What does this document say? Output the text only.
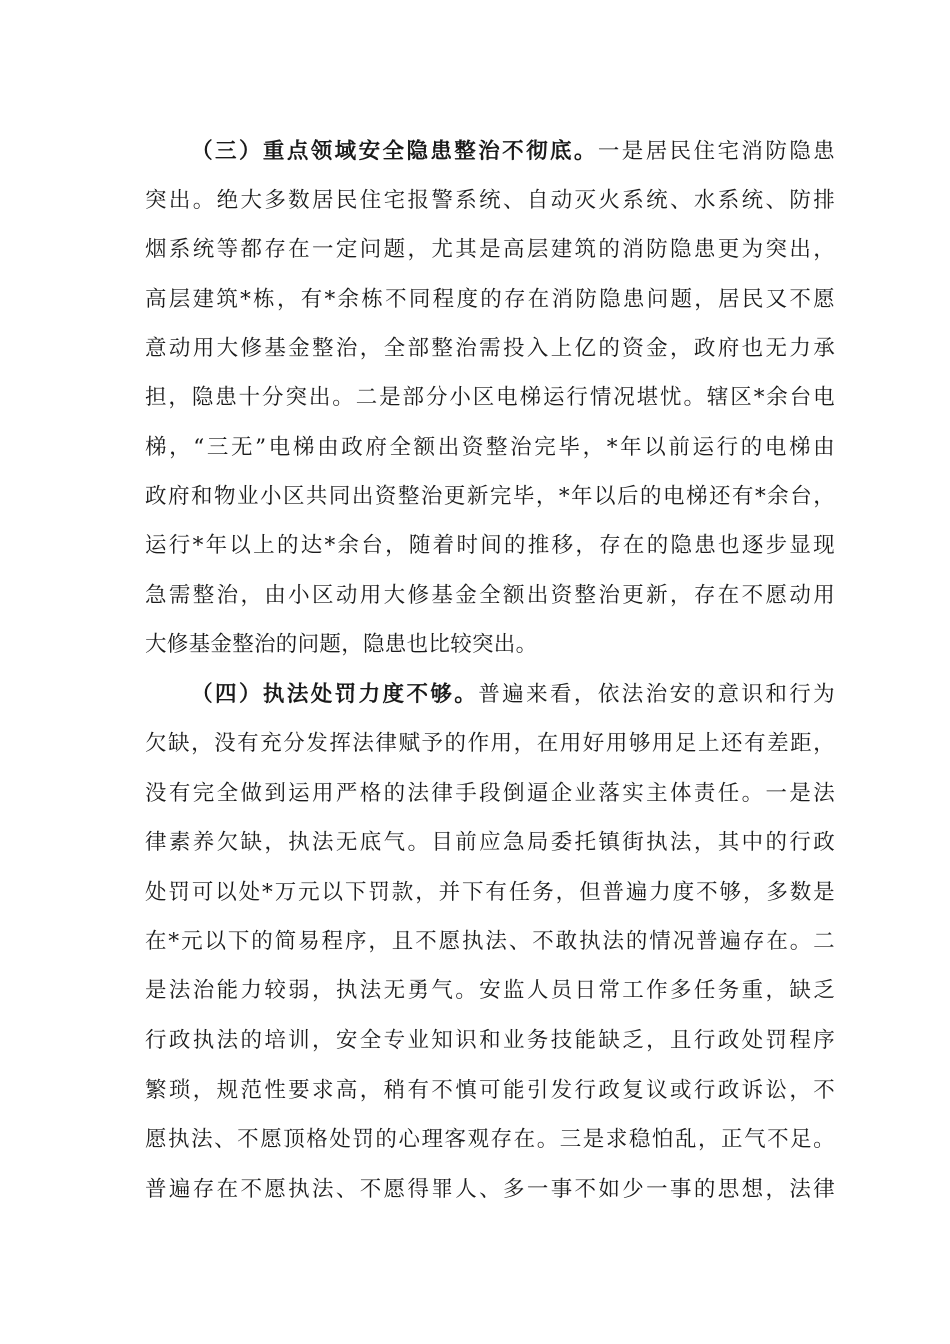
（三）重点领域安全隐患整治不彻底。一是居民住宅消防隐患
突出。绝大多数居民住宅报警系统、自动灭火系统、水系统、防排
烟系统等都存在一定问题，尤其是高层建筑的消防隐患更为突出，
高层建筑*栋，有*余栋不同程度的存在消防隐患问题，居民又不愿
意动用大修基金整治，全部整治需投入上亿的资金，政府也无力承
担，隐患十分突出。二是部分小区电梯运行情况堪忧。辖区*余台电
梯，“三无”电梯由政府全额出资整治完毕，*年以前运行的电梯由
政府和物业小区共同出资整治更新完毕，*年以后的电梯还有*余台，
运行*年以上的达*余台，随着时间的推移，存在的隐患也逐步显现
急需整治，由小区动用大修基金全额出资整治更新，存在不愿动用
大修基金整治的问题，隐患也比较突出。
（四）执法处罚力度不够。普遍来看，依法治安的意识和行为
欠缺，没有充分发挥法律赋予的作用，在用好用够用足上还有差距，
没有完全做到运用严格的法律手段倒逼企业落实主体责任。一是法
律素养欠缺，执法无底气。目前应急局委托镇街执法，其中的行政
处罚可以处*万元以下罚款，并下有任务，但普遍力度不够，多数是
在*元以下的简易程序，且不愿执法、不敢执法的情况普遍存在。二
是法治能力较弱，执法无勇气。安监人员日常工作多任务重，缺乏
行政执法的培训，安全专业知识和业务技能缺乏，且行政处罚程序
繁琐，规范性要求高，稍有不慎可能引发行政复议或行政诉讼，不
愿执法、不愿顶格处罚的心理客观存在。三是求稳怕乱，正气不足。
普遍存在不愿执法、不愿得罪人、多一事不如少一事的思想，法律
